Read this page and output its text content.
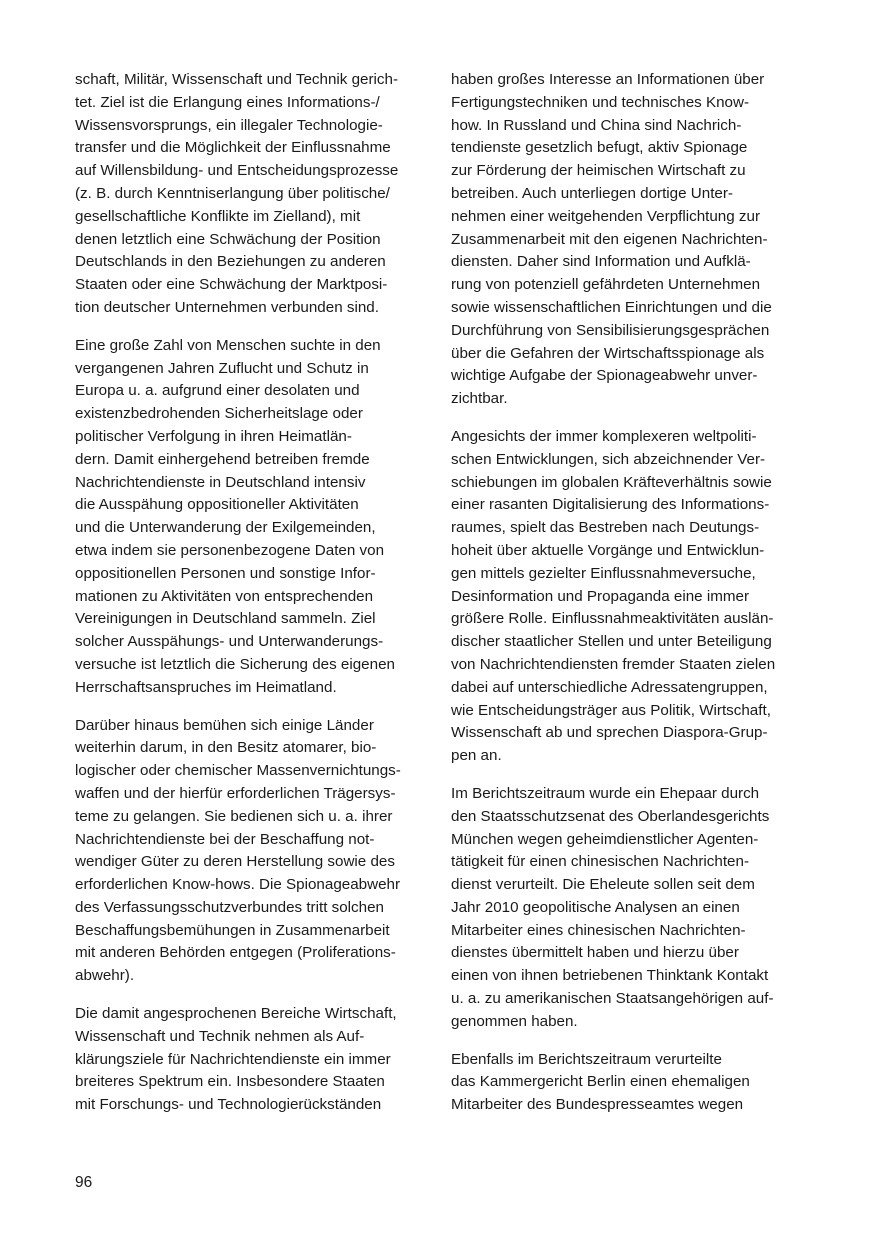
schaft, Militär, Wissenschaft und Technik gerich-
tet. Ziel ist die Erlangung eines Informations-/
Wissensvorsprungs, ein illegaler Technologie-
transfer und die Möglichkeit der Einflussnahme
auf Willensbildung- und Entscheidungsprozesse
(z. B. durch Kenntniserlangung über politische/
gesellschaftliche Konflikte im Zielland), mit
denen letztlich eine Schwächung der Position
Deutschlands in den Beziehungen zu anderen
Staaten oder eine Schwächung der Marktposi-
tion deutscher Unternehmen verbunden sind.

Eine große Zahl von Menschen suchte in den
vergangenen Jahren Zuflucht und Schutz in
Europa u. a. aufgrund einer desolaten und
existenzbedrohenden Sicherheitslage oder
politischer Verfolgung in ihren Heimatlän-
dern. Damit einhergehend betreiben fremde
Nachrichtendienste in Deutschland intensiv
die Ausspähung oppositioneller Aktivitäten
und die Unterwanderung der Exilgemeinden,
etwa indem sie personenbezogene Daten von
oppositionellen Personen und sonstige Infor-
mationen zu Aktivitäten von entsprechenden
Vereinigungen in Deutschland sammeln. Ziel
solcher Ausspähungs- und Unterwanderungs-
versuche ist letztlich die Sicherung des eigenen
Herrschaftsanspruches im Heimatland.

Darüber hinaus bemühen sich einige Länder
weiterhin darum, in den Besitz atomarer, bio-
logischer oder chemischer Massenvernichtungs-
waffen und der hierfür erforderlichen Trägersys-
teme zu gelangen. Sie bedienen sich u. a. ihrer
Nachrichtendienste bei der Beschaffung not-
wendiger Güter zu deren Herstellung sowie des
erforderlichen Know-hows. Die Spionageabwehr
des Verfassungsschutzverbundes tritt solchen
Beschaffungsbemühungen in Zusammenarbeit
mit anderen Behörden entgegen (Proliferations-
abwehr).

Die damit angesprochenen Bereiche Wirtschaft,
Wissenschaft und Technik nehmen als Auf-
klärungsziele für Nachrichtendienste ein immer
breiteres Spektrum ein. Insbesondere Staaten
mit Forschungs- und Technologierückständen

haben großes Interesse an Informationen über
Fertigungstechniken und technisches Know-
how. In Russland und China sind Nachrich-
tendienste gesetzlich befugt, aktiv Spionage
zur Förderung der heimischen Wirtschaft zu
betreiben. Auch unterliegen dortige Unter-
nehmen einer weitgehenden Verpflichtung zur
Zusammenarbeit mit den eigenen Nachrichten-
diensten. Daher sind Information und Aufklä-
rung von potenziell gefährdeten Unternehmen
sowie wissenschaftlichen Einrichtungen und die
Durchführung von Sensibilisierungsgesprächen
über die Gefahren der Wirtschaftsspionage als
wichtige Aufgabe der Spionageabwehr unver-
zichtbar.

Angesichts der immer komplexeren weltpoliti-
schen Entwicklungen, sich abzeichnender Ver-
schiebungen im globalen Kräfteverhältnis sowie
einer rasanten Digitalisierung des Informations-
raumes, spielt das Bestreben nach Deutungs-
hoheit über aktuelle Vorgänge und Entwicklun-
gen mittels gezielter Einflussnahmeversuche,
Desinformation und Propaganda eine immer
größere Rolle. Einflussnahmeaktivitäten auslän-
discher staatlicher Stellen und unter Beteiligung
von Nachrichtendiensten fremder Staaten zielen
dabei auf unterschiedliche Adressatengruppen,
wie Entscheidungsträger aus Politik, Wirtschaft,
Wissenschaft ab und sprechen Diaspora-Grup-
pen an.

Im Berichtszeitraum wurde ein Ehepaar durch
den Staatsschutzsenat des Oberlandesgerichts
München wegen geheimdienstlicher Agenten-
tätigkeit für einen chinesischen Nachrichten-
dienst verurteilt. Die Eheleute sollen seit dem
Jahr 2010 geopolitische Analysen an einen
Mitarbeiter eines chinesischen Nachrichten-
dienstes übermittelt haben und hierzu über
einen von ihnen betriebenen Thinktank Kontakt
u. a. zu amerikanischen Staatsangehörigen auf-
genommen haben.

Ebenfalls im Berichtszeitraum verurteilte
das Kammergericht Berlin einen ehemaligen
Mitarbeiter des Bundespresseamtes wegen

96
